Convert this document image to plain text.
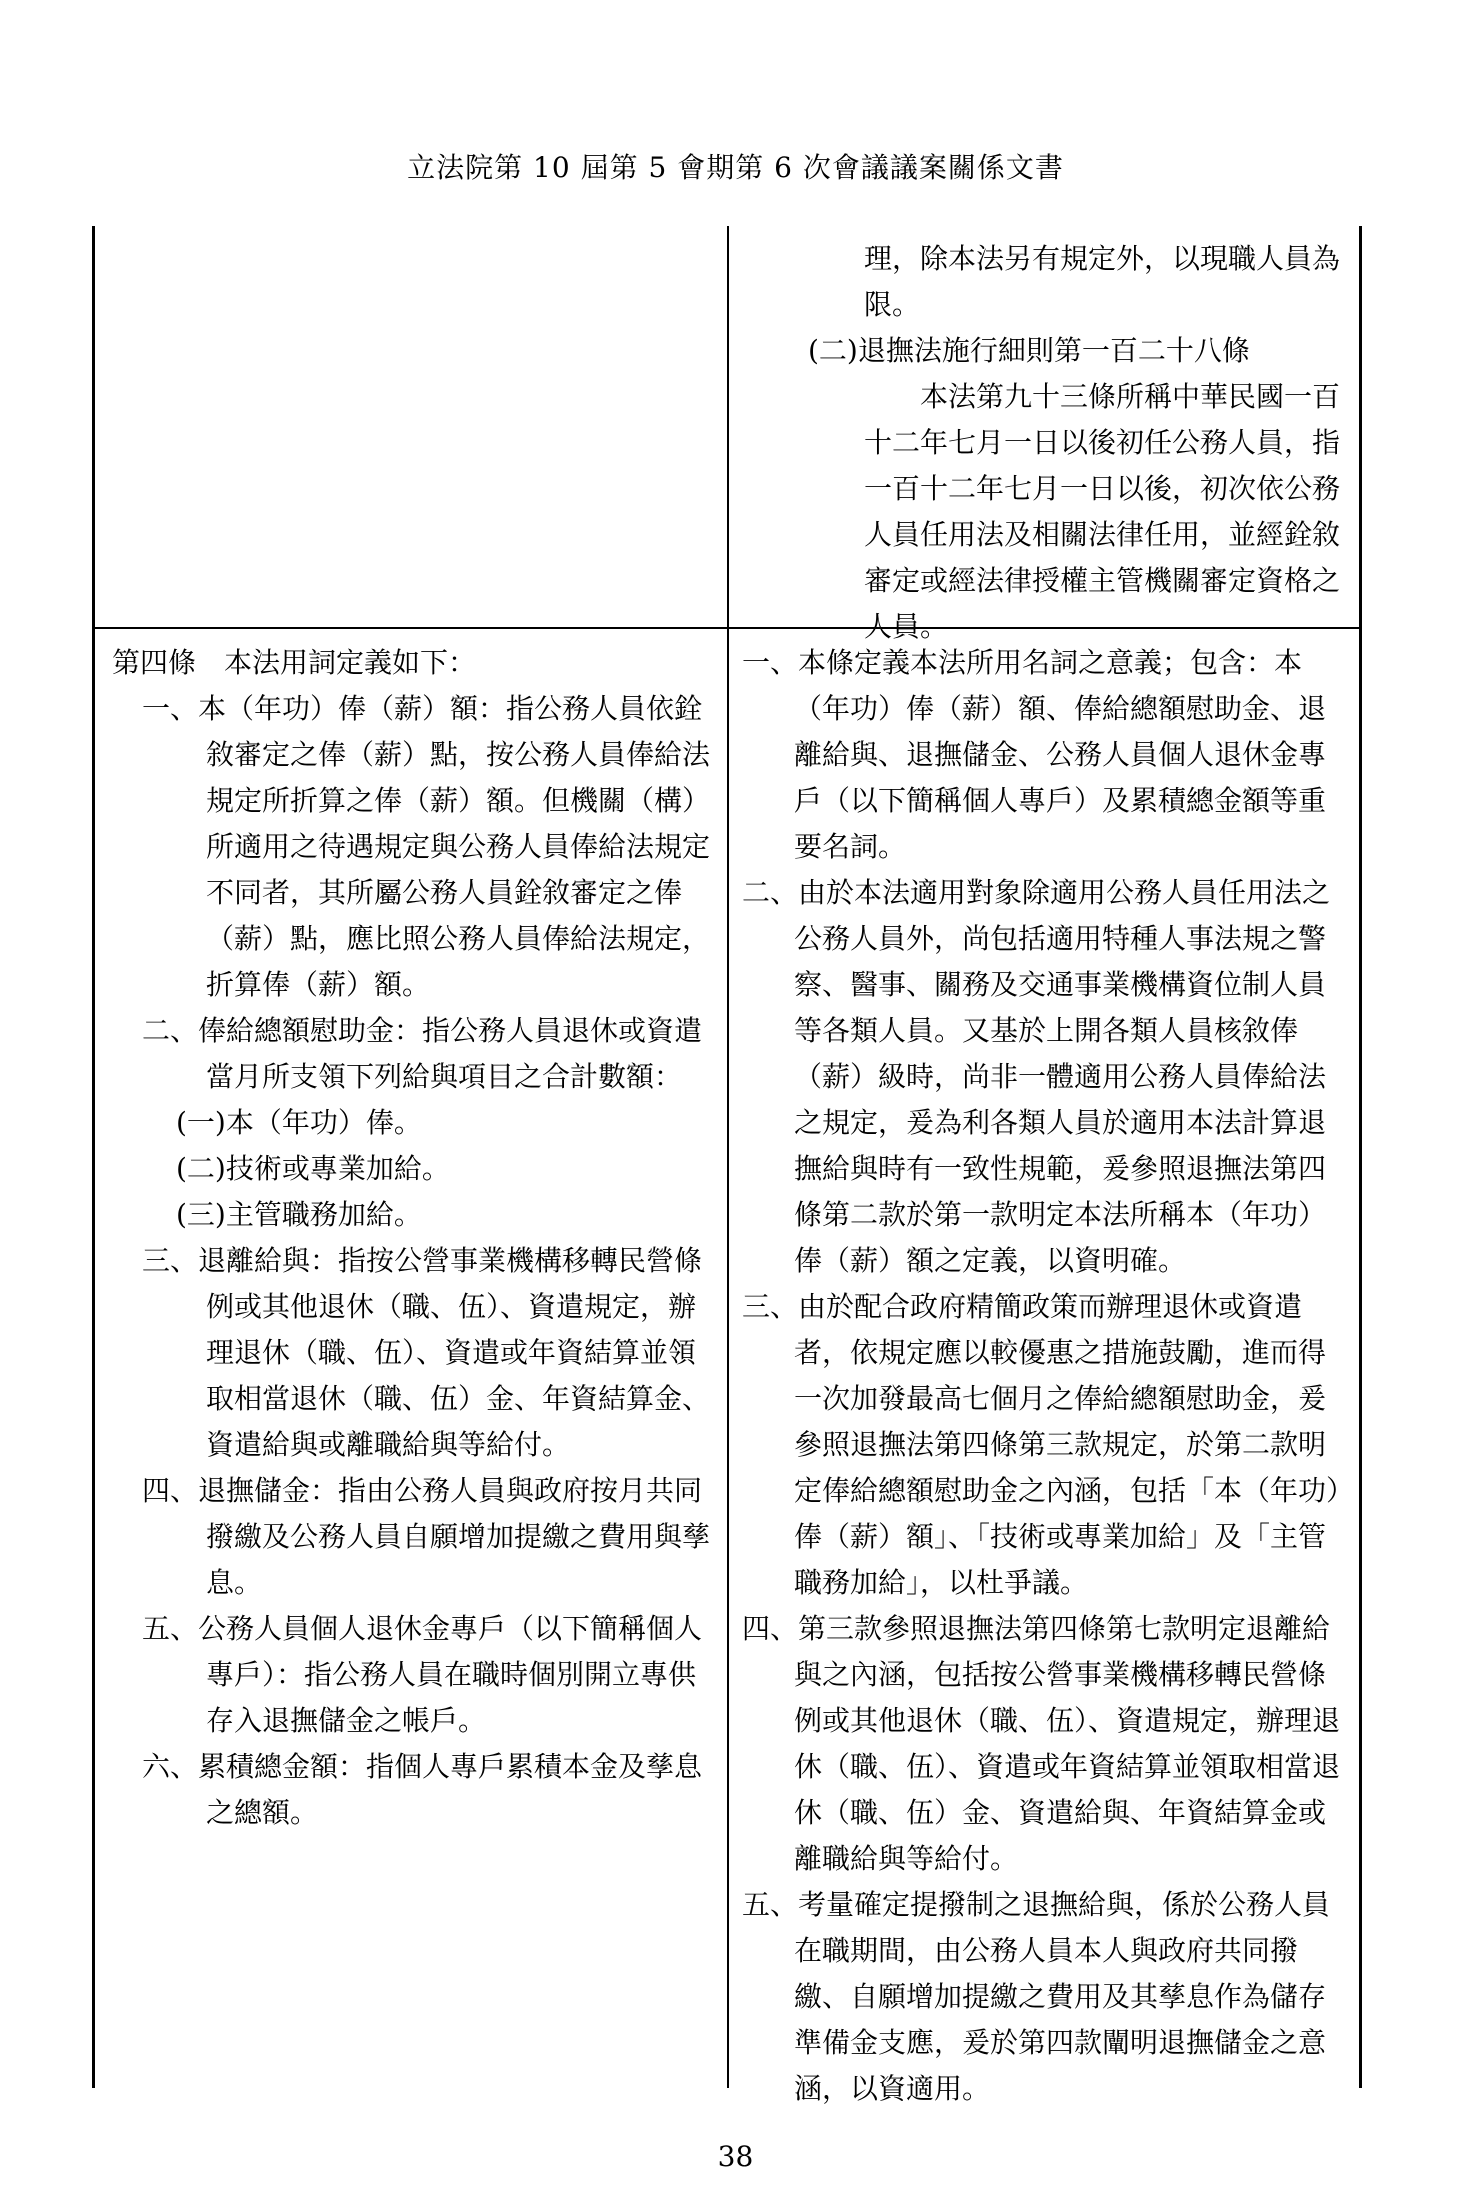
立法院第 10 屆第 5 會期第 6 次會議議案關係文書

理，除本法另有規定外，以現職人員為限。

(二)退撫法施行細則第一百二十八條

本法第九十三條所稱中華民國一百十二年七月一日以後初任公務人員，指一百十二年七月一日以後，初次依公務人員任用法及相關法律任用，並經銓敘審定或經法律授權主管機關審定資格之人員。

第四條　本法用詞定義如下：

一、本（年功）俸（薪）額：指公務人員依銓敘審定之俸（薪）點，按公務人員俸給法規定所折算之俸（薪）額。但機關（構）所適用之待遇規定與公務人員俸給法規定不同者，其所屬公務人員銓敘審定之俸（薪）點，應比照公務人員俸給法規定，折算俸（薪）額。

二、俸給總額慰助金：指公務人員退休或資遣當月所支領下列給與項目之合計數額：

(一)本（年功）俸。

(二)技術或專業加給。

(三)主管職務加給。

三、退離給與：指按公營事業機構移轉民營條例或其他退休（職、伍）、資遣規定，辦理退休（職、伍）、資遣或年資結算並領取相當退休（職、伍）金、年資結算金、資遣給與或離職給與等給付。

四、退撫儲金：指由公務人員與政府按月共同撥繳及公務人員自願增加提繳之費用與孳息。

五、公務人員個人退休金專戶（以下簡稱個人專戶）：指公務人員在職時個別開立專供存入退撫儲金之帳戶。

六、累積總金額：指個人專戶累積本金及孳息之總額。

一、本條定義本法所用名詞之意義；包含：本（年功）俸（薪）額、俸給總額慰助金、退離給與、退撫儲金、公務人員個人退休金專戶（以下簡稱個人專戶）及累積總金額等重要名詞。

二、由於本法適用對象除適用公務人員任用法之公務人員外，尚包括適用特種人事法規之警察、醫事、關務及交通事業機構資位制人員等各類人員。又基於上開各類人員核敘俸（薪）級時，尚非一體適用公務人員俸給法之規定，爰為利各類人員於適用本法計算退撫給與時有一致性規範，爰參照退撫法第四條第二款於第一款明定本法所稱本（年功）俸（薪）額之定義，以資明確。

三、由於配合政府精簡政策而辦理退休或資遣者，依規定應以較優惠之措施鼓勵，進而得一次加發最高七個月之俸給總額慰助金，爰參照退撫法第四條第三款規定，於第二款明定俸給總額慰助金之內涵，包括「本（年功）俸（薪）額」、「技術或專業加給」及「主管職務加給」，以杜爭議。

四、第三款參照退撫法第四條第七款明定退離給與之內涵，包括按公營事業機構移轉民營條例或其他退休（職、伍）、資遣規定，辦理退休（職、伍）、資遣或年資結算並領取相當退休（職、伍）金、資遣給與、年資結算金或離職給與等給付。

五、考量確定提撥制之退撫給與，係於公務人員在職期間，由公務人員本人與政府共同撥繳、自願增加提繳之費用及其孳息作為儲存準備金支應，爰於第四款闡明退撫儲金之意涵，以資適用。

38
